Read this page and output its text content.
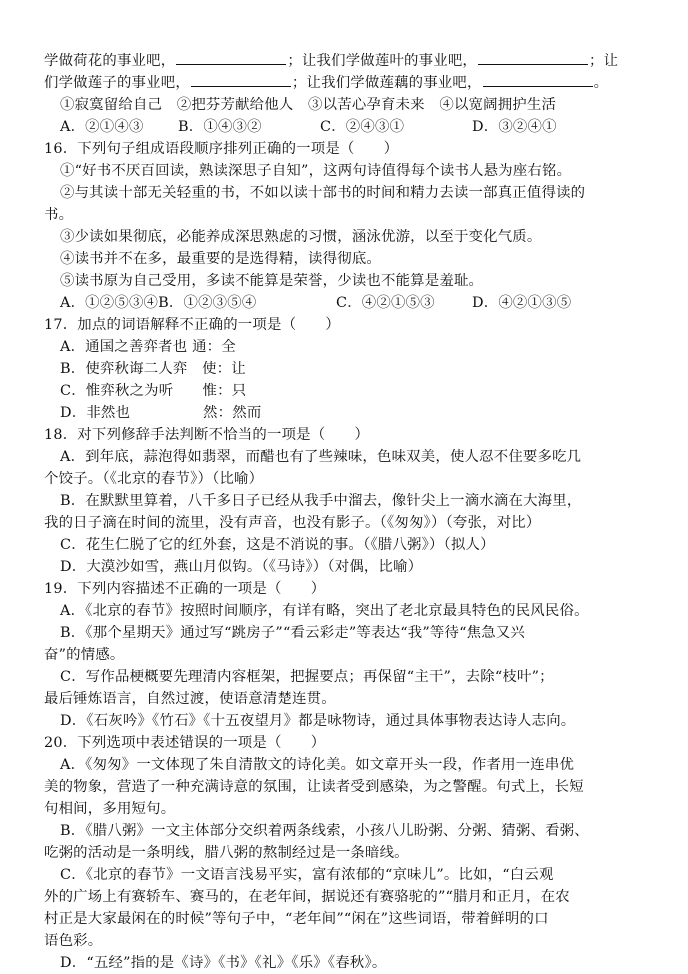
学做荷花的事业吧，	；让我们学做莲叶的事业吧，	；让
们学做莲子的事业吧，	；让我们学做莲藕的事业吧，	。
①寂寞留给自己　②把芬芳献给他人　③以苦心孕育未来　④以宽阔拥护生活
A．②①④③ B．①④③②	C．②④③①	D．③②④①
16．下列句子组成语段顺序排列正确的一项是（　　）
①“好书不厌百回读，熟读深思子自知”，这两句诗值得每个读书人悬为座右铭。
②与其读十部无关轻重的书，不如以读十部书的时间和精力去读一部真正值得读的
书。
③少读如果彻底，必能养成深思熟虑的习惯，涵泳优游，以至于变化气质。
④读书并不在多，最重要的是选得精，读得彻底。
⑤读书原为自己受用，多读不能算是荣誉，少读也不能算是羞耻。
A．①②⑤③④B．①②③⑤④	C．④②①⑤③	D．④②①③⑤
17．加点的词语解释不正确的一项是（　　）
A．通国之善弈者也 通：全
B．使弈秋诲二人弈　使：让
C．惟弈秋之为听　　惟：只
D．非然也　　　　　然：然而
18．对下列修辞手法判断不恰当的一项是（　　）
A．到年底，蒜泡得如翡翠，而醋也有了些辣味，色味双美，使人忍不住要多吃几
个饺子。（《北京的春节》）（比喻）
B．在默默里算着，八千多日子已经从我手中溜去，像针尖上一滴水滴在大海里，
我的日子滴在时间的流里，没有声音，也没有影子。（《匆匆》）（夸张，对比）
C．花生仁脱了它的红外套，这是不消说的事。（《腊八粥》）（拟人）
D．大漠沙如雪，燕山月似钩。（《马诗》）（对偶，比喻）
19．下列内容描述不正确的一项是（　　）
A．《北京的春节》按照时间顺序，有详有略，突出了老北京最具特色的民风民俗。
B．《那个星期天》通过写“跳房子”“看云彩走”等表达“我”等待“焦急又兴
奋”的情感。
C．写作品梗概要先理清内容框架，把握要点；再保留“主干”，去除“枝叶”；
最后锤炼语言，自然过渡，使语意清楚连贯。
D．《石灰吟》《竹石》《十五夜望月》都是咏物诗，通过具体事物表达诗人志向。
20．下列选项中表述错误的一项是（　　）
A．《匆匆》一文体现了朱自清散文的诗化美。如文章开头一段，作者用一连串优
美的物象，营造了一种充满诗意的氛围，让读者受到感染，为之警醒。句式上，长短
句相间，多用短句。
B．《腊八粥》一文主体部分交织着两条线索，小孩八儿盼粥、分粥、猜粥、看粥、
吃粥的活动是一条明线，腊八粥的熬制经过是一条暗线。
C．《北京的春节》一文语言浅易平实，富有浓郁的“京味儿”。比如，“白云观
外的广场上有赛轿车、赛马的，在老年间，据说还有赛骆驼的”“腊月和正月，在农
村正是大家最闲在的时候”等句子中，“老年间”“闲在”这些词语，带着鲜明的口
语色彩。
D．“五经”指的是《诗》《书》《礼》《乐》《春秋》。
